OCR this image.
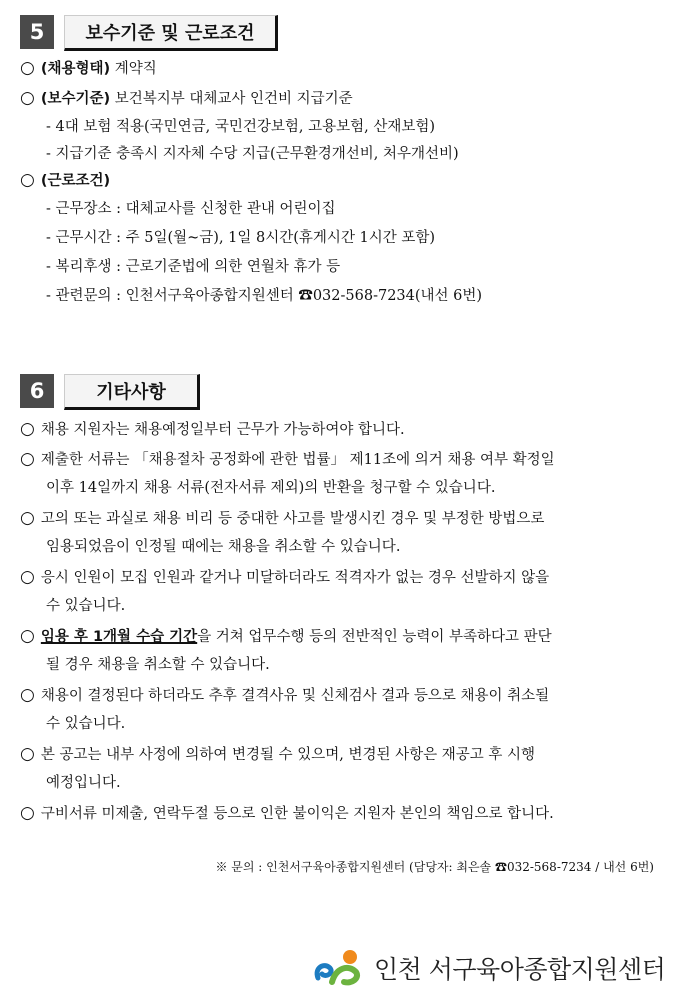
5	보수기준 및 근로조건
○ (채용형태) 계약직
○ (보수기준) 보건복지부 대체교사 인건비 지급기준
- 4대 보험 적용(국민연금, 국민건강보험, 고용보험, 산재보험)
- 지급기준 충족시 지자체 수당 지급(근무환경개선비, 처우개선비)
○ (근로조건)
- 근무장소 : 대체교사를 신청한 관내 어린이집
- 근무시간 : 주 5일(월~금), 1일 8시간(휴게시간 1시간 포함)
- 복리후생 : 근로기준법에 의한 연월차 휴가 등
- 관련문의 : 인천서구육아종합지원센터 ☎032-568-7234(내선 6번)
6	기타사항
○ 채용 지원자는 채용예정일부터 근무가 가능하여야 합니다.
○ 제출한 서류는 「채용절차 공정화에 관한 법률」 제11조에 의거 채용 여부 확정일
이후 14일까지 채용 서류(전자서류 제외)의 반환을 청구할 수 있습니다.
○ 고의 또는 과실로 채용 비리 등 중대한 사고를 발생시킨 경우 및 부정한 방법으로
임용되었음이 인정될 때에는 채용을 취소할 수 있습니다.
○ 응시 인원이 모집 인원과 같거나 미달하더라도 적격자가 없는 경우 선발하지 않을
수 있습니다.
○ 임용 후 1개월 수습 기간을 거쳐 업무수행 등의 전반적인 능력이 부족하다고 판단
될 경우 채용을 취소할 수 있습니다.
○ 채용이 결정된다 하더라도 추후 결격사유 및 신체검사 결과 등으로 채용이 취소될
수 있습니다.
○ 본 공고는 내부 사정에 의하여 변경될 수 있으며, 변경된 사항은 재공고 후 시행
예정입니다.
○ 구비서류 미제출, 연락두절 등으로 인한 불이익은 지원자 본인의 책임으로 합니다.
※ 문의 : 인천서구육아종합지원센터 (담당자: 최은솔 ☎032-568-7234 / 내선 6번)
인천 서구육아종합지원센터
